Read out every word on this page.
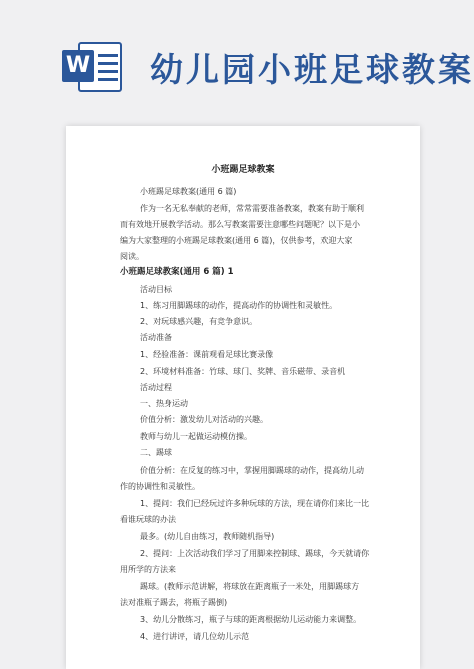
W 幼儿园小班足球教案
小班踢足球教案
小班踢足球教案(通用 6 篇)
作为一名无私奉献的老师，常常需要准备教案，教案有助于顺利
而有效地开展教学活动。那么写教案需要注意哪些问题呢？以下是小
编为大家整理的小班踢足球教案(通用 6 篇)，仅供参考，欢迎大家
阅读。
小班踢足球教案(通用 6 篇) 1
活动目标
1、练习用脚踢球的动作，提高动作的协调性和灵敏性。
2、对玩球感兴趣，有竞争意识。
活动准备
1、经验准备：课前观看足球比赛录像
2、环境材料准备：竹球、球门、奖牌、音乐磁带、录音机
活动过程
一、热身运动
价值分析：激发幼儿对活动的兴趣。
教师与幼儿一起做运动模仿操。
二、踢球
价值分析：在反复的练习中，掌握用脚踢球的动作，提高幼儿动
作的协调性和灵敏性。
1、提问：我们已经玩过许多种玩球的方法，现在请你们来比一比
看谁玩球的办法
最多。(幼儿自由练习，教师随机指导)
2、提问：上次活动我们学习了用脚来控制球、踢球，今天就请你
用所学的方法来
踢球。(教师示范讲解，将球放在距离瓶子一米处，用脚踢球方
法对准瓶子踢去，将瓶子踢倒)
3、幼儿分散练习，瓶子与球的距离根据幼儿运动能力来调整。
4、进行讲评，请几位幼儿示范
